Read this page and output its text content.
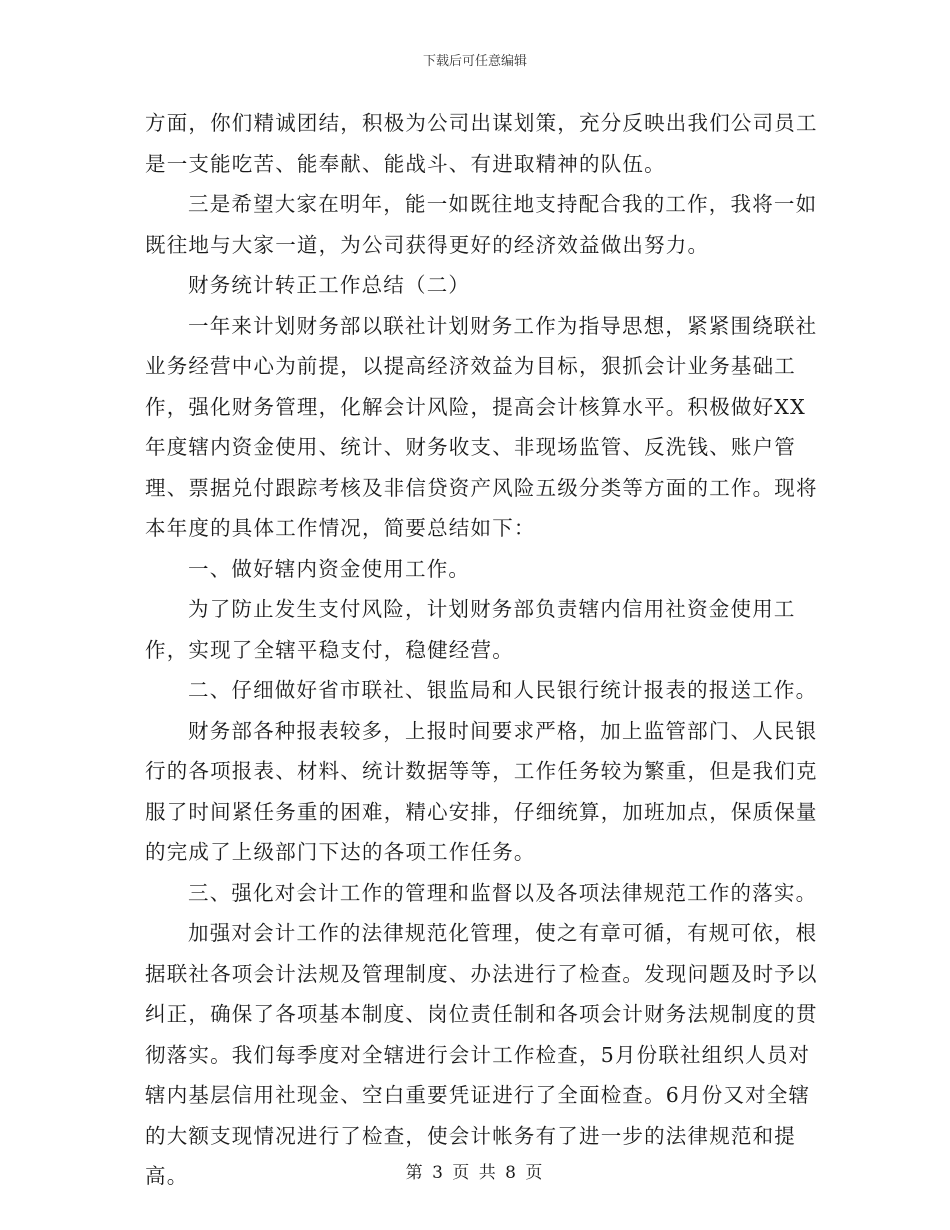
下载后可任意编辑

方面，你们精诚团结，积极为公司出谋划策，充分反映出我们公司员工是一支能吃苦、能奉献、能战斗、有进取精神的队伍。

三是希望大家在明年，能一如既往地支持配合我的工作，我将一如既往地与大家一道，为公司获得更好的经济效益做出努力。

财务统计转正工作总结（二）

一年来计划财务部以联社计划财务工作为指导思想，紧紧围绕联社业务经营中心为前提，以提高经济效益为目标，狠抓会计业务基础工作，强化财务管理，化解会计风险，提高会计核算水平。积极做好XX年度辖内资金使用、统计、财务收支、非现场监管、反洗钱、账户管理、票据兑付跟踪考核及非信贷资产风险五级分类等方面的工作。现将本年度的具体工作情况，简要总结如下：

一、做好辖内资金使用工作。

为了防止发生支付风险，计划财务部负责辖内信用社资金使用工作，实现了全辖平稳支付，稳健经营。

二、仔细做好省市联社、银监局和人民银行统计报表的报送工作。

财务部各种报表较多，上报时间要求严格，加上监管部门、人民银行的各项报表、材料、统计数据等等，工作任务较为繁重，但是我们克服了时间紧任务重的困难，精心安排，仔细统算，加班加点，保质保量的完成了上级部门下达的各项工作任务。

三、强化对会计工作的管理和监督以及各项法律规范工作的落实。

加强对会计工作的法律规范化管理，使之有章可循，有规可依，根据联社各项会计法规及管理制度、办法进行了检查。发现问题及时予以纠正，确保了各项基本制度、岗位责任制和各项会计财务法规制度的贯彻落实。我们每季度对全辖进行会计工作检查，5月份联社组织人员对辖内基层信用社现金、空白重要凭证进行了全面检查。6月份又对全辖的大额支现情况进行了检查，使会计帐务有了进一步的法律规范和提高。	第 3 页 共 8 页
